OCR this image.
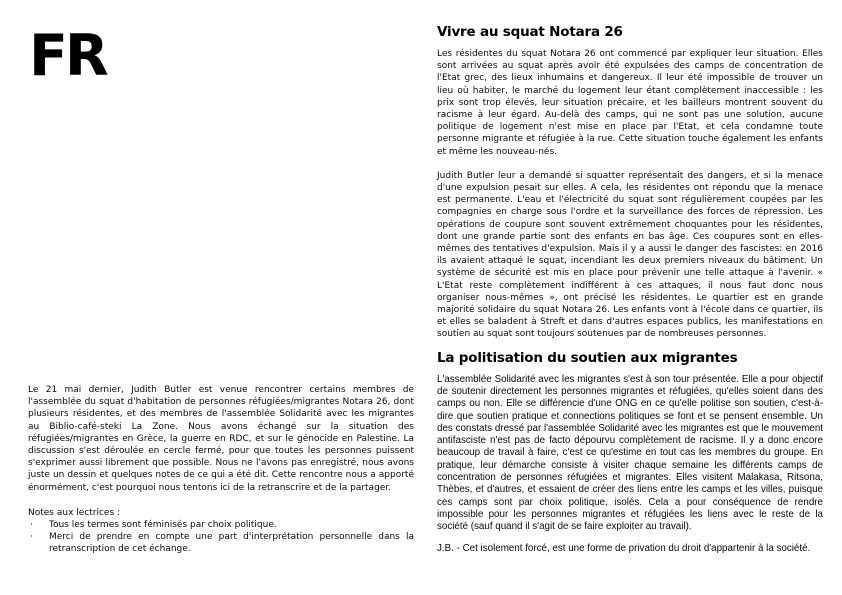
FR

Le 21 mai dernier, Judith Butler est venue rencontrer certains membres de l'assemblée du squat d'habitation de personnes réfugiées/migrantes Notara 26, dont plusieurs résidentes, et des membres de l'assemblée Solidarité avec les migrantes au Biblio-café-steki La Zone. Nous avons échangé sur la situation des réfugiées/migrantes en Grèce, la guerre en RDC, et sur le génocide en Palestine. La discussion s'est déroulée en cercle fermé, pour que toutes les personnes puissent s'exprimer aussi librement que possible. Nous ne l'avons pas enregistré, nous avons juste un dessin et quelques notes de ce qui a été dit. Cette rencontre nous a apporté énormément, c'est pourquoi nous tentons ici de la retranscrire et de la partager.

Notes aux lectrices :
·	Tous les termes sont féminisés par choix politique.
·	Merci de prendre en compte une part d'interprétation personnelle dans la retranscription de cet échange.
Vivre au squat Notara 26

Les résidentes du squat Notara 26 ont commencé par expliquer leur situation. Elles sont arrivées au squat après avoir été expulsées des camps de concentration de l'Etat grec, des lieux inhumains et dangereux. Il leur été impossible de trouver un lieu où habiter, le marché du logement leur étant complètement inaccessible : les prix sont trop élevés, leur situation précaire, et les bailleurs montrent souvent du racisme à leur égard. Au-delà des camps, qui ne sont pas une solution, aucune politique de logement n'est mise en place par l'Etat, et cela condamne toute personne migrante et réfugiée à la rue. Cette situation touche également les enfants et même les nouveau-nés.

Judith Butler leur a demandé si squatter représentait des dangers, et si la menace d'une expulsion pesait sur elles. A cela, les résidentes ont répondu que la menace est permanente. L'eau et l'électricité du squat sont régulièrement coupées par les compagnies en charge sous l'ordre et la surveillance des forces de répression. Les opérations de coupure sont souvent extrêmement choquantes pour les résidentes, dont une grande partie sont des enfants en bas âge. Ces coupures sont en elles-mêmes des tentatives d'expulsion. Mais il y a aussi le danger des fascistes: en 2016 ils avaient attaqué le squat, incendiant les deux premiers niveaux du bâtiment. Un système de sécurité est mis en place pour prévenir une telle attaque à l'avenir. « L'Etat reste complètement indifférent à ces attaques, il nous faut donc nous organiser nous-mêmes », ont précisé les résidentes. Le quartier est en grande majorité solidaire du squat Notara 26. Les enfants vont à l'école dans ce quartier, ils et elles se baladent à Streft et dans d'autres espaces publics, les manifestations en soutien au squat sont toujours soutenues par de nombreuses personnes.

La politisation du soutien aux migrantes

L'assemblée Solidarité avec les migrantes s'est à son tour présentée. Elle a pour objectif de soutenir directement les personnes migrantes et réfugiées, qu'elles soient dans des camps ou non. Elle se différencie d'une ONG en ce qu'elle politise son soutien, c'est-à-dire que soutien pratique et connections politiques se font et se pensent ensemble. Un des constats dressé par l'assemblée Solidarité avec les migrantes est que le mouvement antifasciste n'est pas de facto dépourvu complètement de racisme. Il y a donc encore beaucoup de travail à faire, c'est ce qu'estime en tout cas les membres du groupe. En pratique, leur démarche consiste à visiter chaque semaine les différents camps de concentration de personnes réfugiées et migrantes. Elles visitent Malakasa, Ritsona, Thèbes, et d'autres, et essaient de créer des liens entre les camps et les villes, puisque ces camps sont par choix politique, isolés. Cela a pour conséquence de rendre impossible pour les personnes migrantes et réfugiées les liens avec le reste de la société (sauf quand il s'agit de se faire exploiter au travail).

J.B. - Cet isolement forcé, est une forme de privation du droit d'appartenir à la société.
